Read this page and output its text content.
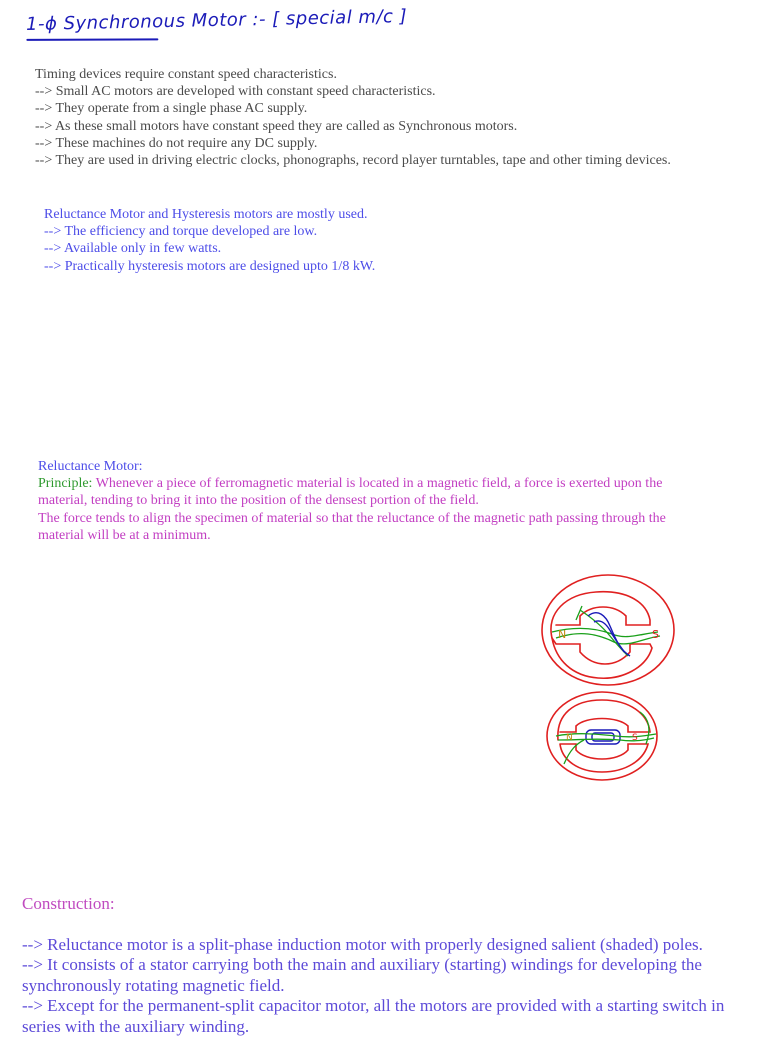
1-ϕ Synchronous Motor :- [ special m/c ]
Timing devices require constant speed characteristics.
--> Small AC motors are developed with constant speed characteristics.
--> They operate from a single phase AC supply.
--> As these small motors have constant speed they are called as Synchronous motors.
--> These machines do not require any DC supply.
--> They are used in driving electric clocks, phonographs, record player turntables, tape and other timing devices.
Reluctance Motor and Hysteresis motors are mostly used.
--> The efficiency and torque developed are low.
--> Available only in few watts.
--> Practically hysteresis motors are designed upto 1/8 kW.
Reluctance Motor:
Principle: Whenever a piece of ferromagnetic material is located in a magnetic field, a force is exerted upon the material, tending to bring it into the position of the densest portion of the field.
The force tends to align the specimen of material so that the reluctance of the magnetic path passing through the material will be at a minimum.
N	S
N	S
Construction:
--> Reluctance motor is a split-phase induction motor with properly designed salient (shaded) poles.
--> It consists of a stator carrying both the main and auxiliary (starting) windings for developing the synchronously rotating magnetic field.
--> Except for the permanent-split capacitor motor, all the motors are provided with a starting switch in series with the auxiliary winding.
